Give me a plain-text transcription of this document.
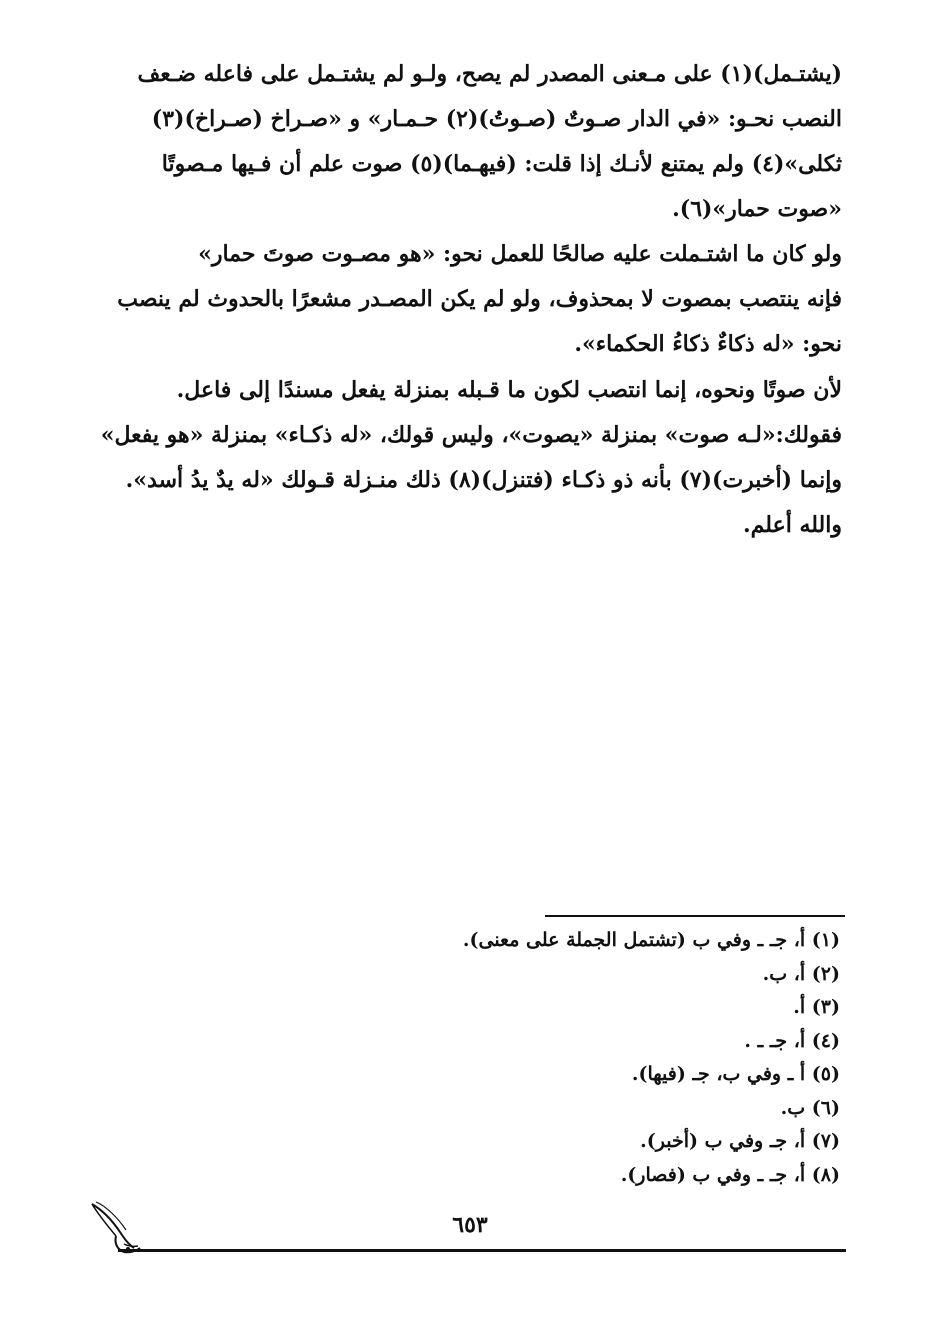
(يشتـمل)(١) على مـعنى المصدر لم يصح، ولـو لم يشتـمل على فاعله ضـعف
النصب نحـو: «في الدار صـوتٌ (صـوتُ)(٢) حـمـار» و «صـراخ (صـراخ)(٣)
ثكلى»(٤) ولم يمتنع لأنـك إذا قلت: (فيهـما)(٥) صوت علم أن فـيها مـصوتًا
«صوت حمار»(٦).
ولو كان ما اشتـملت عليه صالحًا للعمل نحو: «هو مصـوت صوتَ حمار»
فإنه ينتصب بمصوت لا بمحذوف، ولو لم يكن المصـدر مشعرًا بالحدوث لم ينصب
نحو: «له ذكاءٌ ذكاءُ الحكماء».
لأن صوتًا ونحوه، إنما انتصب لكون ما قـبله بمنزلة يفعل مسندًا إلى فاعل.
فقولك:«لـه صوت» بمنزلة «يصوت»، وليس قولك، «له ذكـاء» بمنزلة «هو يفعل»
وإنما (أخبرت)(٧) بأنه ذو ذكـاء (فتنزل)(٨) ذلك منـزلة قـولك «له يدٌ يدُ أسد».
والله أعلم.
(١) أ، جـ ـ وفي ب (تشتمل الجملة على معنى).
(٢) أ، ب.
(٣) أ.
(٤) أ، جـ ـ .
(٥) أ ـ وفي ب، جـ (فيها).
(٦) ب.
(٧) أ، جـ وفي ب (أخبر).
(٨) أ، جـ ـ وفي ب (فصار).
٦٥٣
